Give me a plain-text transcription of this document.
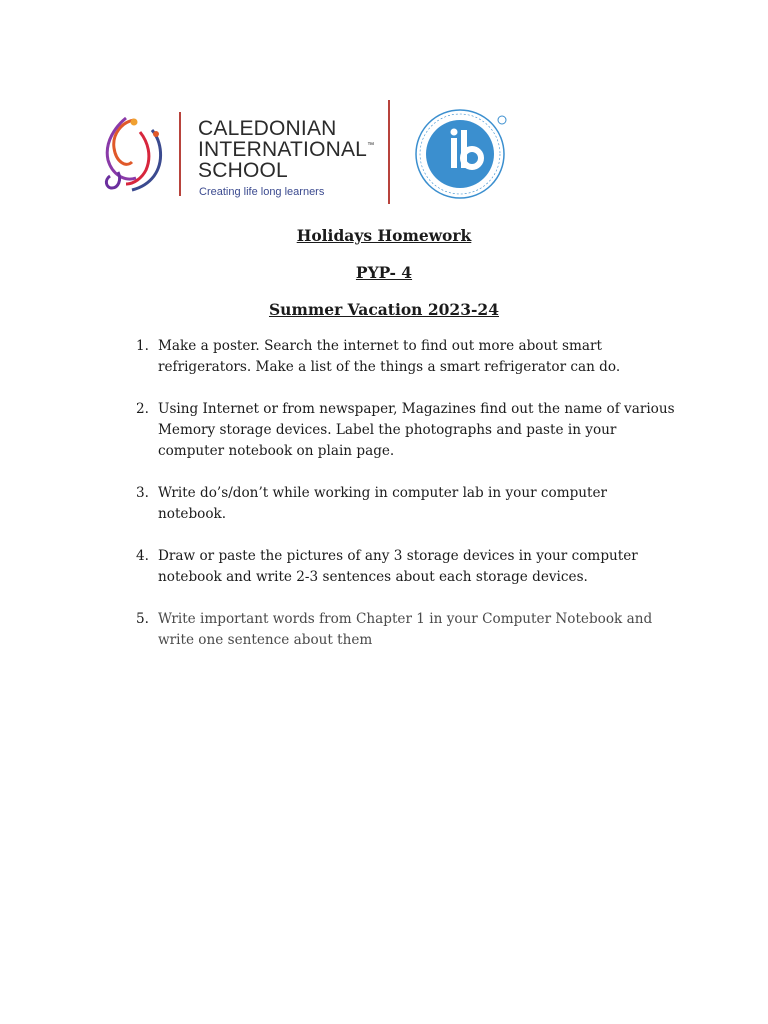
CALEDONIAN
INTERNATIONAL™
SCHOOL
Creating life long learners
Holidays Homework
PYP- 4
Summer Vacation 2023-24
1. Make a poster. Search the internet to find out more about smart refrigerators. Make a list of the things a smart refrigerator can do.
2. Using Internet or from newspaper, Magazines find out the name of various Memory storage devices. Label the photographs and paste in your computer notebook on plain page.
3. Write do’s/don’t while working in computer lab in your computer notebook.
4. Draw or paste the pictures of any 3 storage devices in your computer notebook and write 2-3 sentences about each storage devices.
5. Write important words from Chapter 1 in your Computer Notebook and write one sentence about them
